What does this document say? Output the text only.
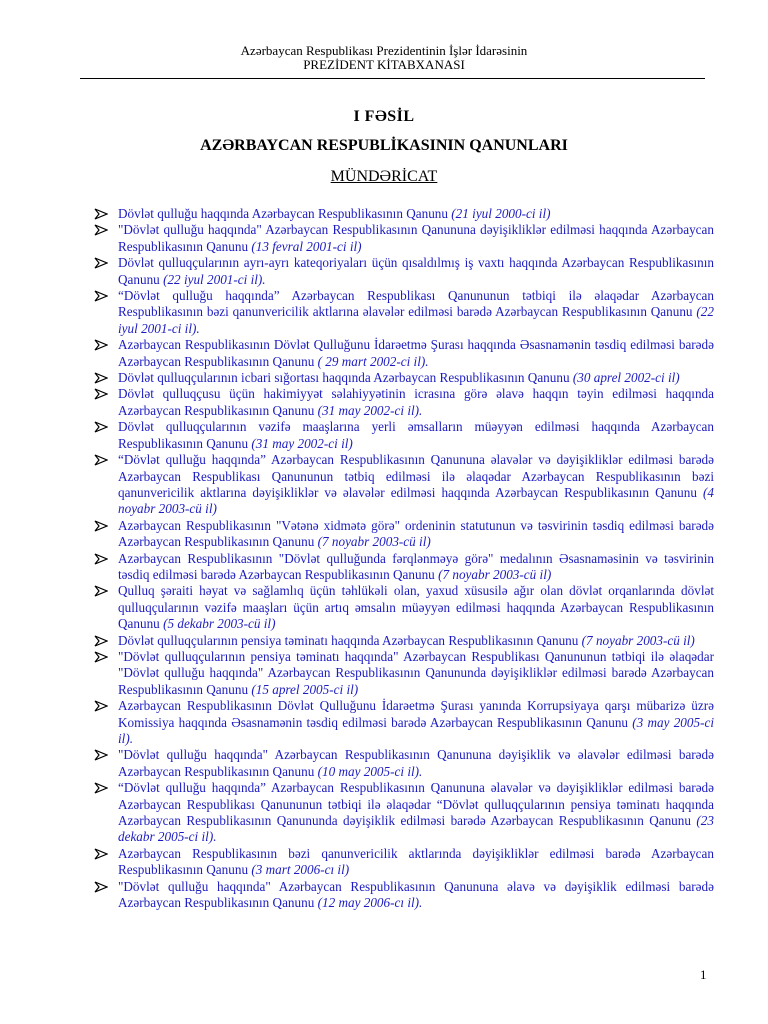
Azərbaycan Respublikası Prezidentinin İşlər İdarəsinin
PREZİDENT KİTABXANASI
I FƏSİL
AZƏRBAYCAN RESPUBLİKASININ QANUNLARI
MÜNDƏRİCAT
Dövlət qulluğu haqqında Azərbaycan Respublikasının Qanunu (21 iyul 2000-ci il)
"Dövlət qulluğu haqqında" Azərbaycan Respublikasının Qanununa dəyişikliklər edilməsi haqqında Azərbaycan Respublikasının Qanunu (13 fevral 2001-ci il)
Dövlət qulluqçularının ayrı-ayrı kateqoriyaları üçün qısaldılmış iş vaxtı haqqında Azərbaycan Respublikasının Qanunu (22 iyul 2001-ci il).
“Dövlət qulluğu haqqında” Azərbaycan Respublikası Qanununun tətbiqi ilə əlaqədar Azərbaycan Respublikasının bəzi qanunvericilik aktlarına əlavələr edilməsi barədə Azərbaycan Respublikasının Qanunu (22 iyul 2001-ci il).
Azərbaycan Respublikasının Dövlət Qulluğunu İdarəetmə Şurası haqqında Əsasnamənin təsdiq edilməsi barədə Azərbaycan Respublikasının Qanunu ( 29 mart 2002-ci il).
Dövlət qulluqçularının icbari sığortası haqqında Azərbaycan Respublikasının Qanunu (30 aprel 2002-ci il)
Dövlət qulluqçusu üçün hakimiyyət səlahiyyətinin icrasına görə əlavə haqqın təyin edilməsi haqqında Azərbaycan Respublikasının Qanunu (31 may 2002-ci il).
Dövlət qulluqçularının vəzifə maaşlarına yerli əmsalların müəyyən edilməsi haqqında Azərbaycan Respublikasının Qanunu (31 may 2002-ci il)
“Dövlət qulluğu haqqında” Azərbaycan Respublikasının Qanununa əlavələr və dəyişikliklər edilməsi barədə Azərbaycan Respublikası Qanununun tətbiq edilməsi ilə əlaqədar Azərbaycan Respublikasının bəzi qanunvericilik aktlarına dəyişikliklər və əlavələr edilməsi haqqında Azərbaycan Respublikasının Qanunu (4 noyabr 2003-cü il)
Azərbaycan Respublikasının "Vətənə xidmətə görə" ordeninin statutunun və təsvirinin təsdiq edilməsi barədə Azərbaycan Respublikasının Qanunu (7 noyabr 2003-cü il)
Azərbaycan Respublikasının "Dövlət qulluğunda fərqlənməyə görə" medalının Əsasnaməsinin və təsvirinin təsdiq edilməsi barədə Azərbaycan Respublikasının Qanunu (7 noyabr 2003-cü il)
Qulluq şəraiti həyat və sağlamlıq üçün təhlükəli olan, yaxud xüsusilə ağır olan dövlət orqanlarında dövlət qulluqçularının vəzifə maaşları üçün artıq əmsalın müəyyən edilməsi haqqında Azərbaycan Respublikasının Qanunu (5 dekabr 2003-cü il)
Dövlət qulluqçularının pensiya təminatı haqqında Azərbaycan Respublikasının Qanunu (7 noyabr 2003-cü il)
"Dövlət qulluqçularının pensiya təminatı haqqında" Azərbaycan Respublikası Qanununun tətbiqi ilə əlaqədar "Dövlət qulluğu haqqında" Azərbaycan Respublikasının Qanununda dəyişikliklər edilməsi barədə Azərbaycan Respublikasının Qanunu (15 aprel 2005-ci il)
Azərbaycan Respublikasının Dövlət Qulluğunu İdarəetmə Şurası yanında Korrupsiyaya qarşı mübarizə üzrə Komissiya haqqında Əsasnamənin təsdiq edilməsi barədə Azərbaycan Respublikasının Qanunu (3 may 2005-ci il).
"Dövlət qulluğu haqqında" Azərbaycan Respublikasının Qanununa dəyişiklik və əlavələr edilməsi barədə Azərbaycan Respublikasının Qanunu (10 may 2005-ci il).
“Dövlət qulluğu haqqında” Azərbaycan Respublikasının Qanununa əlavələr və dəyişikliklər edilməsi barədə Azərbaycan Respublikası Qanununun tətbiqi ilə əlaqədar “Dövlət qulluqçularının pensiya təminatı haqqında Azərbaycan Respublikasının Qanununda dəyişiklik edilməsi barədə Azərbaycan Respublikasının Qanunu (23 dekabr 2005-ci il).
Azərbaycan Respublikasının bəzi qanunvericilik aktlarında dəyişikliklər edilməsi barədə Azərbaycan Respublikasının Qanunu (3 mart 2006-cı il)
"Dövlət qulluğu haqqında" Azərbaycan Respublikasının Qanununa əlavə və dəyişiklik edilməsi barədə Azərbaycan Respublikasının Qanunu (12 may 2006-cı il).
1
